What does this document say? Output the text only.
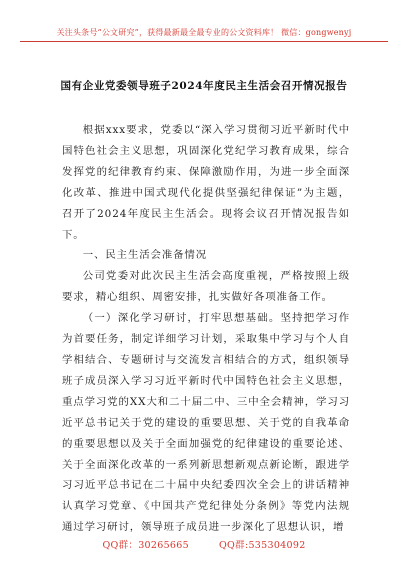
关注头条号“公文研究”，获得最新最全最专业的公文资料库！ 微信：gongwenyj
国有企业党委领导班子2024年度民主生活会召开情况报告

根据xxx要求，党委以“深入学习贯彻习近平新时代中国特色社会主义思想，巩固深化党纪学习教育成果，综合发挥党的纪律教育约束、保障激励作用，为进一步全面深化改革、推进中国式现代化提供坚强纪律保证”为主题，召开了2024年度民主生活会。现将会议召开情况报告如下。

一、民主生活会准备情况

公司党委对此次民主生活会高度重视，严格按照上级要求，精心组织、周密安排，扎实做好各项准备工作。

（一）深化学习研讨，打牢思想基础。坚持把学习作为首要任务，制定详细学习计划，采取集中学习与个人自学相结合、专题研讨与交流发言相结合的方式，组织领导班子成员深入学习习近平新时代中国特色社会主义思想，重点学习党的XX大和二十届二中、三中全会精神，学习习近平总书记关于党的建设的重要思想、关于党的自我革命的重要思想以及关于全面加强党的纪律建设的重要论述、关于全面深化改革的一系列新思想新观点新论断，跟进学习习近平总书记在二十届中央纪委四次全会上的讲话精神认真学习党章、《中国共产党纪律处分条例》等党内法规通过学习研讨，领导班子成员进一步深化了思想认识，增

QQ群：30265665	QQ群:535304092
